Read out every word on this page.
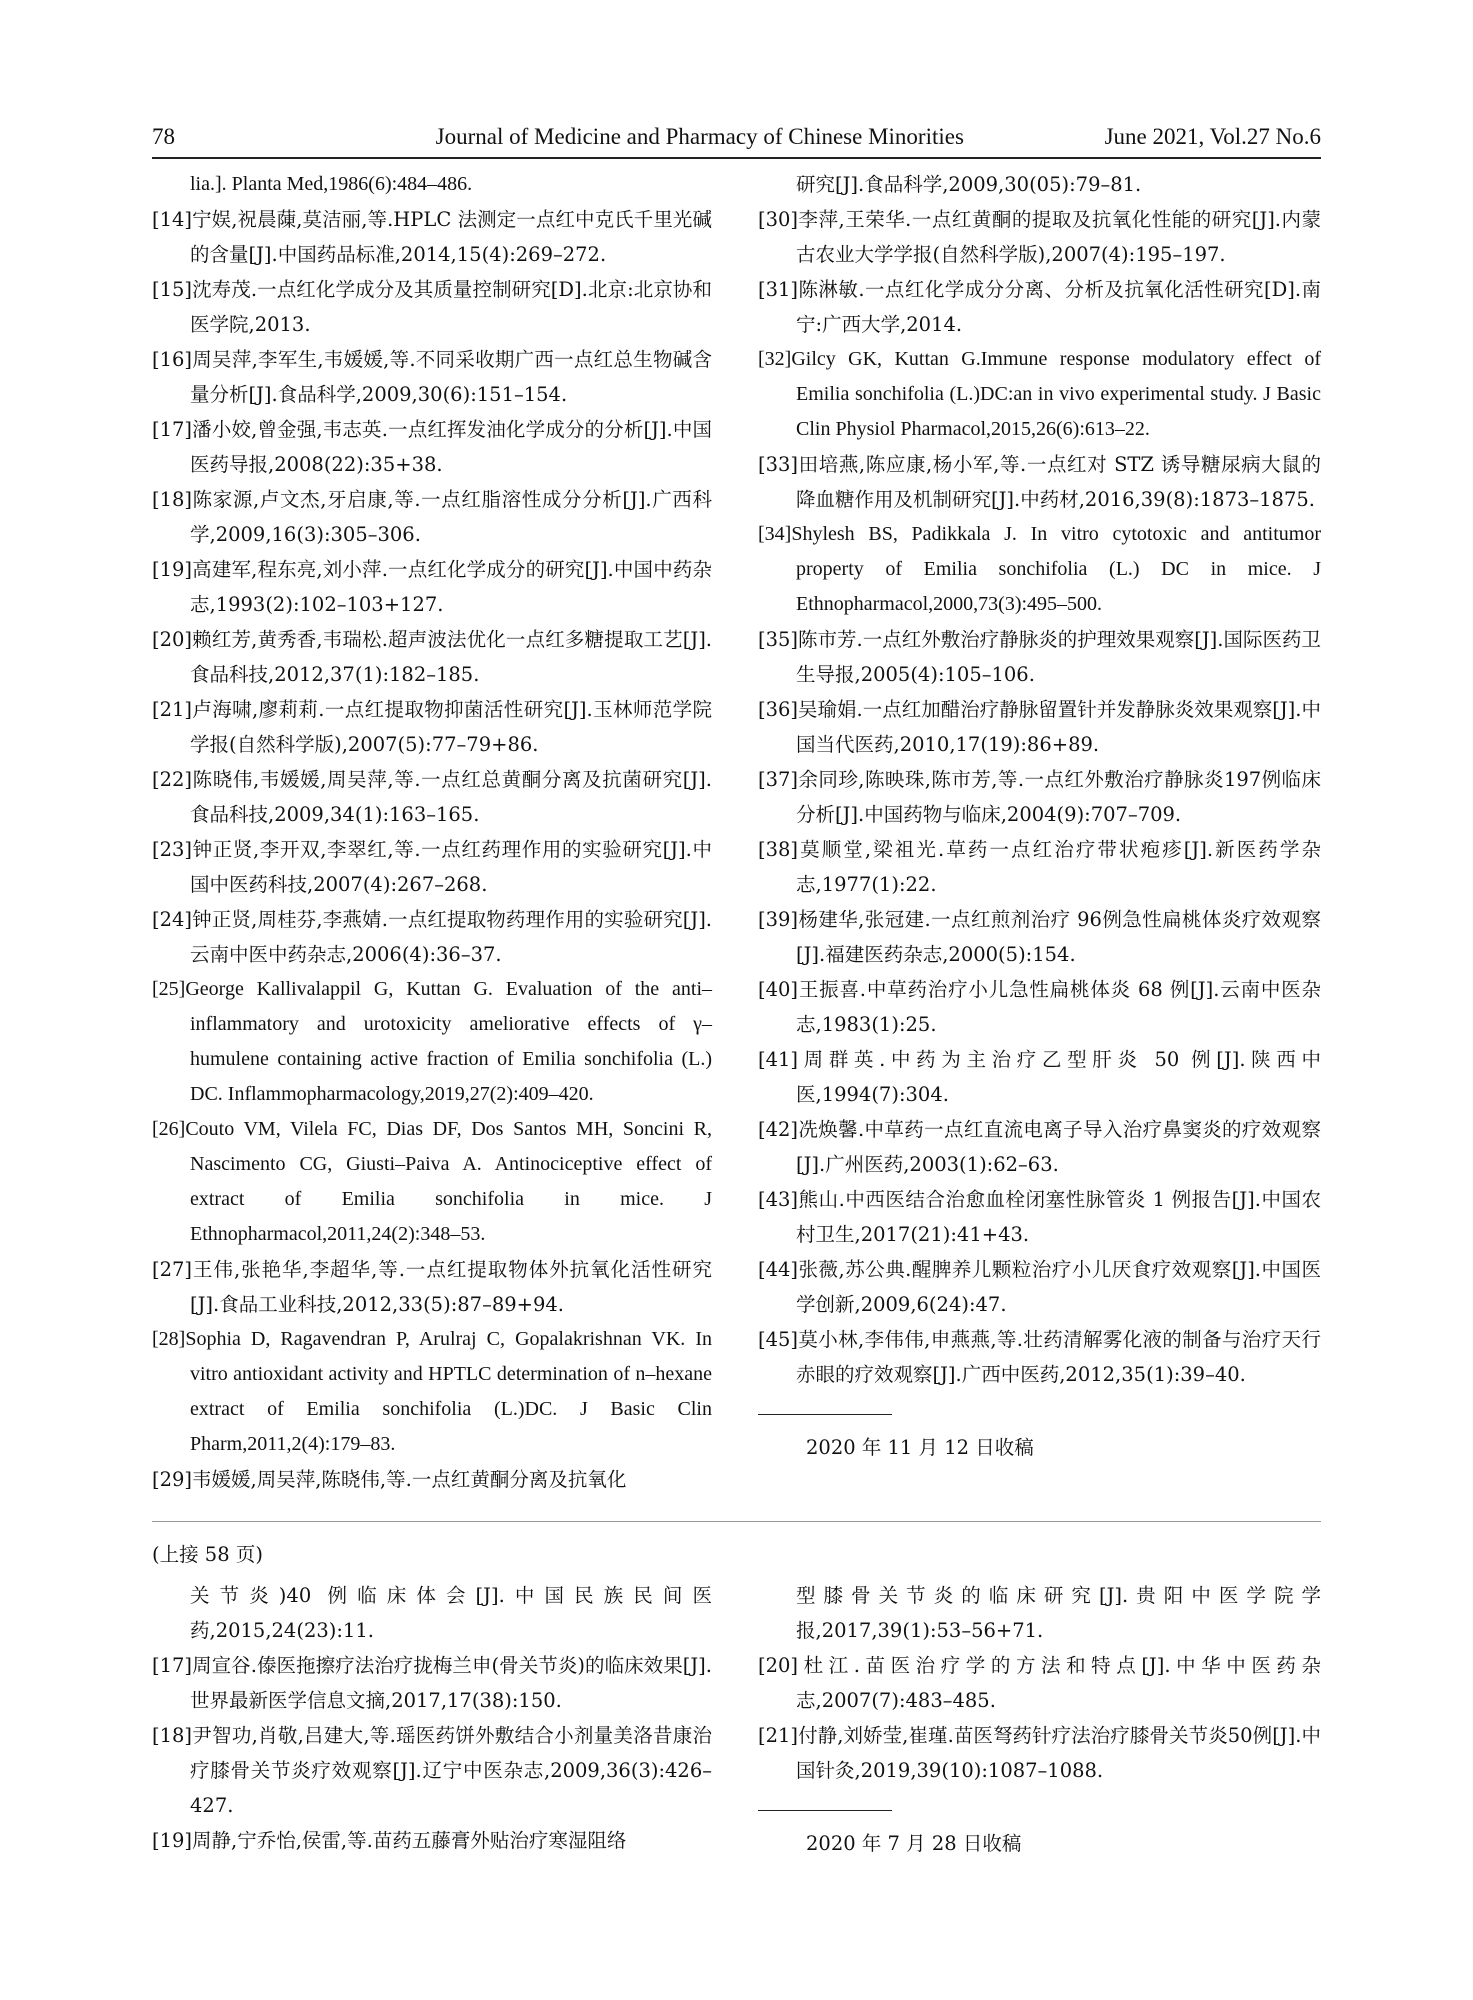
78	Journal of Medicine and Pharmacy of Chinese Minorities	June 2021, Vol.27 No.6
lia.]. Planta Med,1986(6):484–486.
[14]宁娱,祝晨蔯,莫洁丽,等.HPLC 法测定一点红中克氏千里光碱的含量[J].中国药品标准,2014,15(4):269–272.
[15]沈寿茂.一点红化学成分及其质量控制研究[D].北京:北京协和医学院,2013.
[16]周吴萍,李军生,韦媛媛,等.不同采收期广西一点红总生物碱含量分析[J].食品科学,2009,30(6):151–154.
[17]潘小姣,曾金强,韦志英.一点红挥发油化学成分的分析[J].中国医药导报,2008(22):35+38.
[18]陈家源,卢文杰,牙启康,等.一点红脂溶性成分分析[J].广西科学,2009,16(3):305–306.
[19]高建军,程东亮,刘小萍.一点红化学成分的研究[J].中国中药杂志,1993(2):102–103+127.
[20]赖红芳,黄秀香,韦瑞松.超声波法优化一点红多糖提取工艺[J].食品科技,2012,37(1):182–185.
[21]卢海啸,廖莉莉.一点红提取物抑菌活性研究[J].玉林师范学院学报(自然科学版),2007(5):77–79+86.
[22]陈晓伟,韦媛媛,周吴萍,等.一点红总黄酮分离及抗菌研究[J].食品科技,2009,34(1):163–165.
[23]钟正贤,李开双,李翠红,等.一点红药理作用的实验研究[J].中国中医药科技,2007(4):267–268.
[24]钟正贤,周桂芬,李燕婧.一点红提取物药理作用的实验研究[J].云南中医中药杂志,2006(4):36–37.
[25]George Kallivalappil G, Kuttan G. Evaluation of the anti–inflammatory and urotoxicity ameliorative effects of γ–humulene containing active fraction of Emilia sonchifolia (L.) DC. Inflammopharmacology,2019,27(2):409–420.
[26]Couto VM, Vilela FC, Dias DF, Dos Santos MH, Soncini R, Nascimento CG, Giusti–Paiva A. Antinociceptive effect of extract of Emilia sonchifolia in mice. J Ethnopharmacol,2011,24(2):348–53.
[27]王伟,张艳华,李超华,等.一点红提取物体外抗氧化活性研究[J].食品工业科技,2012,33(5):87–89+94.
[28]Sophia D, Ragavendran P, Arulraj C, Gopalakrishnan VK. In vitro antioxidant activity and HPTLC determination of n–hexane extract of Emilia sonchifolia (L.)DC. J Basic Clin Pharm,2011,2(4):179–83.
[29]韦媛媛,周吴萍,陈晓伟,等.一点红黄酮分离及抗氧化
研究[J].食品科学,2009,30(05):79–81.
[30]李萍,王荣华.一点红黄酮的提取及抗氧化性能的研究[J].内蒙古农业大学学报(自然科学版),2007(4):195–197.
[31]陈淋敏.一点红化学成分分离、分析及抗氧化活性研究[D].南宁:广西大学,2014.
[32]Gilcy GK, Kuttan G.Immune response modulatory effect of Emilia sonchifolia (L.)DC:an in vivo experimental study. J Basic Clin Physiol Pharmacol,2015,26(6):613–22.
[33]田培燕,陈应康,杨小军,等.一点红对 STZ 诱导糖尿病大鼠的降血糖作用及机制研究[J].中药材,2016,39(8):1873–1875.
[34]Shylesh BS, Padikkala J. In vitro cytotoxic and antitumor property of Emilia sonchifolia (L.) DC in mice. J Ethnopharmacol,2000,73(3):495–500.
[35]陈市芳.一点红外敷治疗静脉炎的护理效果观察[J].国际医药卫生导报,2005(4):105–106.
[36]吴瑜娟.一点红加醋治疗静脉留置针并发静脉炎效果观察[J].中国当代医药,2010,17(19):86+89.
[37]余同珍,陈映珠,陈市芳,等.一点红外敷治疗静脉炎197例临床分析[J].中国药物与临床,2004(9):707–709.
[38]莫顺堂,梁祖光.草药一点红治疗带状疱疹[J].新医药学杂志,1977(1):22.
[39]杨建华,张冠建.一点红煎剂治疗 96例急性扁桃体炎疗效观察[J].福建医药杂志,2000(5):154.
[40]王振喜.中草药治疗小儿急性扁桃体炎 68 例[J].云南中医杂志,1983(1):25.
[41]周群英.中药为主治疗乙型肝炎 50 例[J].陕西中医,1994(7):304.
[42]冼焕馨.中草药一点红直流电离子导入治疗鼻窦炎的疗效观察[J].广州医药,2003(1):62–63.
[43]熊山.中西医结合治愈血栓闭塞性脉管炎 1 例报告[J].中国农村卫生,2017(21):41+43.
[44]张薇,苏公典.醒脾养儿颗粒治疗小儿厌食疗效观察[J].中国医学创新,2009,6(24):47.
[45]莫小林,李伟伟,申燕燕,等.壮药清解雾化液的制备与治疗天行赤眼的疗效观察[J].广西中医药,2012,35(1):39–40.
2020 年 11 月 12 日收稿
(上接 58 页)
关节炎)40 例临床体会[J].中国民族民间医药,2015,24(23):11.
[17]周宣谷.傣医拖擦疗法治疗拢梅兰申(骨关节炎)的临床效果[J].世界最新医学信息文摘,2017,17(38):150.
[18]尹智功,肖敬,吕建大,等.瑶医药饼外敷结合小剂量美洛昔康治疗膝骨关节炎疗效观察[J].辽宁中医杂志,2009,36(3):426–427.
[19]周静,宁乔怡,侯雷,等.苗药五藤膏外贴治疗寒湿阻络
型膝骨关节炎的临床研究[J].贵阳中医学院学报,2017,39(1):53–56+71.
[20]杜江.苗医治疗学的方法和特点[J].中华中医药杂志,2007(7):483–485.
[21]付静,刘娇莹,崔瑾.苗医弩药针疗法治疗膝骨关节炎50例[J].中国针灸,2019,39(10):1087–1088.
2020 年 7 月 28 日收稿
